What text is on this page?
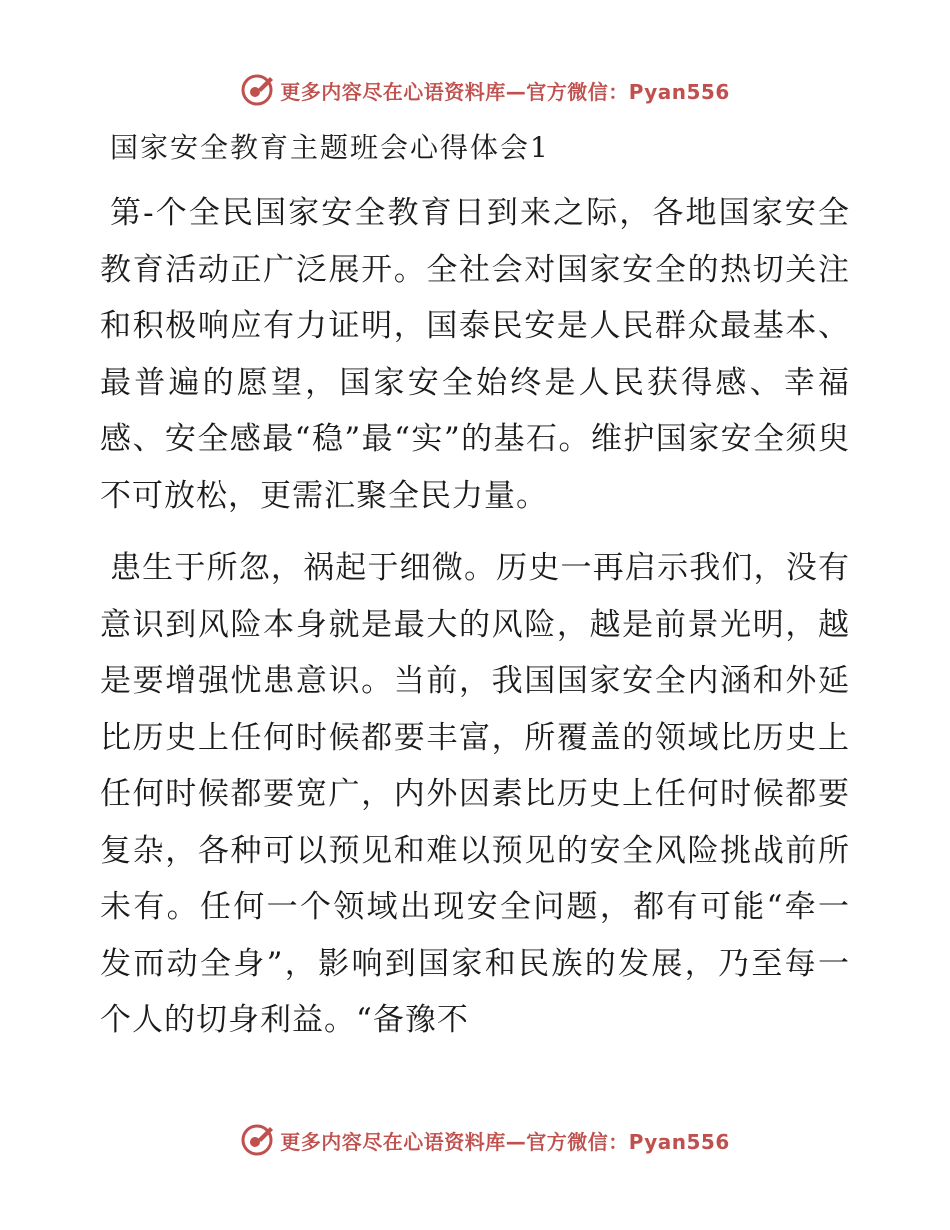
更多内容尽在心语资料库—官方微信：Pyan556
国家安全教育主题班会心得体会1
第-个全民国家安全教育日到来之际，各地国家安全教育活动正广泛展开。全社会对国家安全的热切关注和积极响应有力证明，国泰民安是人民群众最基本、最普遍的愿望，国家安全始终是人民获得感、幸福感、安全感最“稳”最“实”的基石。维护国家安全须臾不可放松，更需汇聚全民力量。
患生于所忽，祸起于细微。历史一再启示我们，没有意识到风险本身就是最大的风险，越是前景光明，越是要增强忧患意识。当前，我国国家安全内涵和外延比历史上任何时候都要丰富，所覆盖的领域比历史上任何时候都要宽广，内外因素比历史上任何时候都要复杂，各种可以预见和难以预见的安全风险挑战前所未有。任何一个领域出现安全问题，都有可能“牵一发而动全身”，影响到国家和民族的发展，乃至每一个人的切身利益。“备豫不
更多内容尽在心语资料库—官方微信：Pyan556
